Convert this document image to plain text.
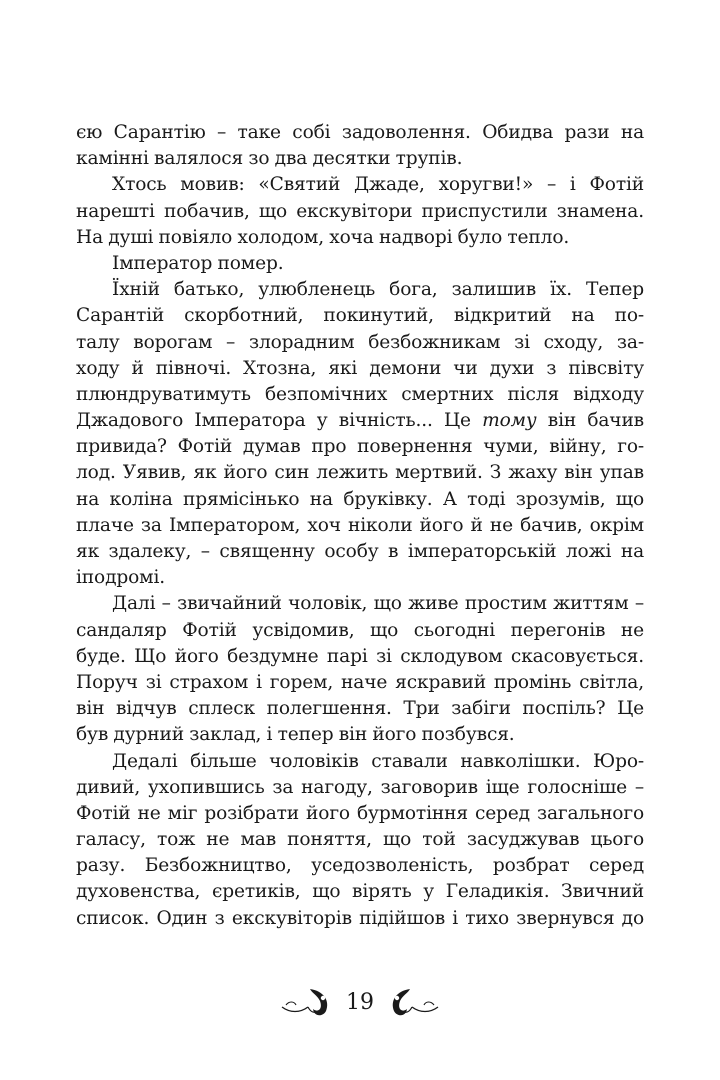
єю Сарантію – таке собі задоволення. Обидва рази на
камінні валялося зо два десятки трупів.
Хтось мовив: «Святий Джаде, хоругви!» – і Фотій
нарешті побачив, що екскувітори приспустили знамена.
На душі повіяло холодом, хоча надворі було тепло.
Імператор помер.
Їхній батько, улюбленець бога, залишив їх. Тепер
Сарантій скорботний, покинутий, відкритий на по-
талу ворогам – злорадним безбожникам зі сходу, за-
ходу й півночі. Хтозна, які демони чи духи з півсвіту
плюндруватимуть безпомічних смертних після відходу
Джадового Імператора у вічність... Це тому він бачив
привида? Фотій думав про повернення чуми, війну, го-
лод. Уявив, як його син лежить мертвий. З жаху він упав
на коліна прямісінько на бруківку. А тоді зрозумів, що
плаче за Імператором, хоч ніколи його й не бачив, окрім
як здалеку, – священну особу в імператорській ложі на
іподромі.
Далі – звичайний чоловік, що живе простим життям –
сандаляр Фотій усвідомив, що сьогодні перегонів не
буде. Що його бездумне парі зі склодувом скасовується.
Поруч зі страхом і горем, наче яскравий промінь світла,
він відчув сплеск полегшення. Три забіги поспіль? Це
був дурний заклад, і тепер він його позбувся.
Дедалі більше чоловіків ставали навколішки. Юро-
дивий, ухопившись за нагоду, заговорив іще голосніше –
Фотій не міг розібрати його бурмотіння серед загального
галасу, тож не мав поняття, що той засуджував цього
разу. Безбожництво, уседозволеність, розбрат серед
духовенства, єретиків, що вірять у Геладикія. Звичний
список. Один з екскувіторів підійшов і тихо звернувся до
19
